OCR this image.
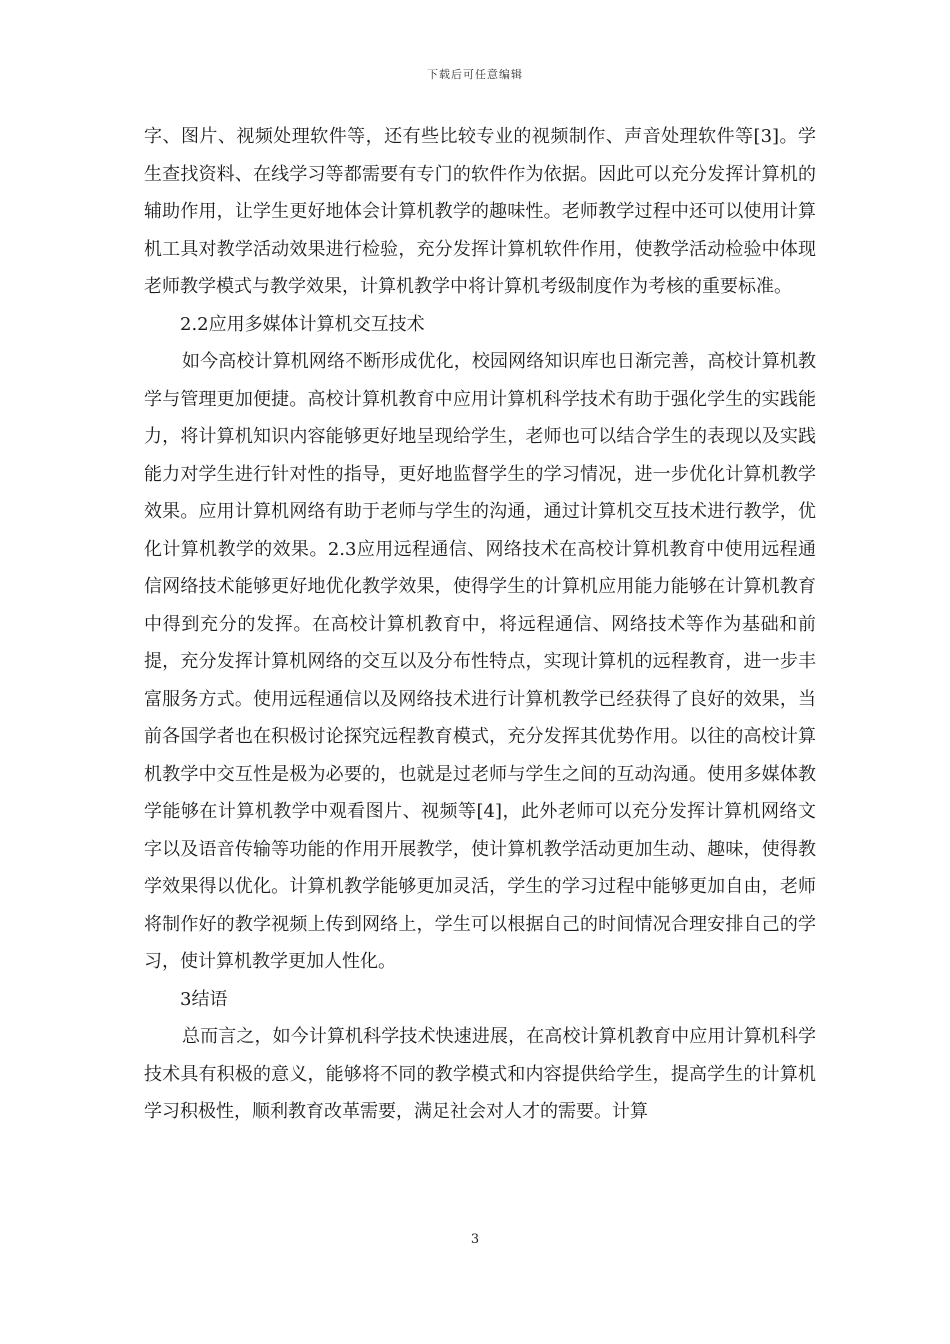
下载后可任意编辑

字、图片、视频处理软件等，还有些比较专业的视频制作、声音处理软件等[3]。学生查找资料、在线学习等都需要有专门的软件作为依据。因此可以充分发挥计算机的辅助作用，让学生更好地体会计算机教学的趣味性。老师教学过程中还可以使用计算机工具对教学活动效果进行检验，充分发挥计算机软件作用，使教学活动检验中体现老师教学模式与教学效果，计算机教学中将计算机考级制度作为考核的重要标准。

2.2应用多媒体计算机交互技术

如今高校计算机网络不断形成优化，校园网络知识库也日渐完善，高校计算机教学与管理更加便捷。高校计算机教育中应用计算机科学技术有助于强化学生的实践能力，将计算机知识内容能够更好地呈现给学生，老师也可以结合学生的表现以及实践能力对学生进行针对性的指导，更好地监督学生的学习情况，进一步优化计算机教学效果。应用计算机网络有助于老师与学生的沟通，通过计算机交互技术进行教学，优化计算机教学的效果。2.3应用远程通信、网络技术在高校计算机教育中使用远程通信网络技术能够更好地优化教学效果，使得学生的计算机应用能力能够在计算机教育中得到充分的发挥。在高校计算机教育中，将远程通信、网络技术等作为基础和前提，充分发挥计算机网络的交互以及分布性特点，实现计算机的远程教育，进一步丰富服务方式。使用远程通信以及网络技术进行计算机教学已经获得了良好的效果，当前各国学者也在积极讨论探究远程教育模式，充分发挥其优势作用。以往的高校计算机教学中交互性是极为必要的，也就是过老师与学生之间的互动沟通。使用多媒体教学能够在计算机教学中观看图片、视频等[4]，此外老师可以充分发挥计算机网络文字以及语音传输等功能的作用开展教学，使计算机教学活动更加生动、趣味，使得教学效果得以优化。计算机教学能够更加灵活，学生的学习过程中能够更加自由，老师将制作好的教学视频上传到网络上，学生可以根据自己的时间情况合理安排自己的学习，使计算机教学更加人性化。

3结语

总而言之，如今计算机科学技术快速进展，在高校计算机教育中应用计算机科学技术具有积极的意义，能够将不同的教学模式和内容提供给学生，提高学生的计算机学习积极性，顺利教育改革需要，满足社会对人才的需要。计算

3
